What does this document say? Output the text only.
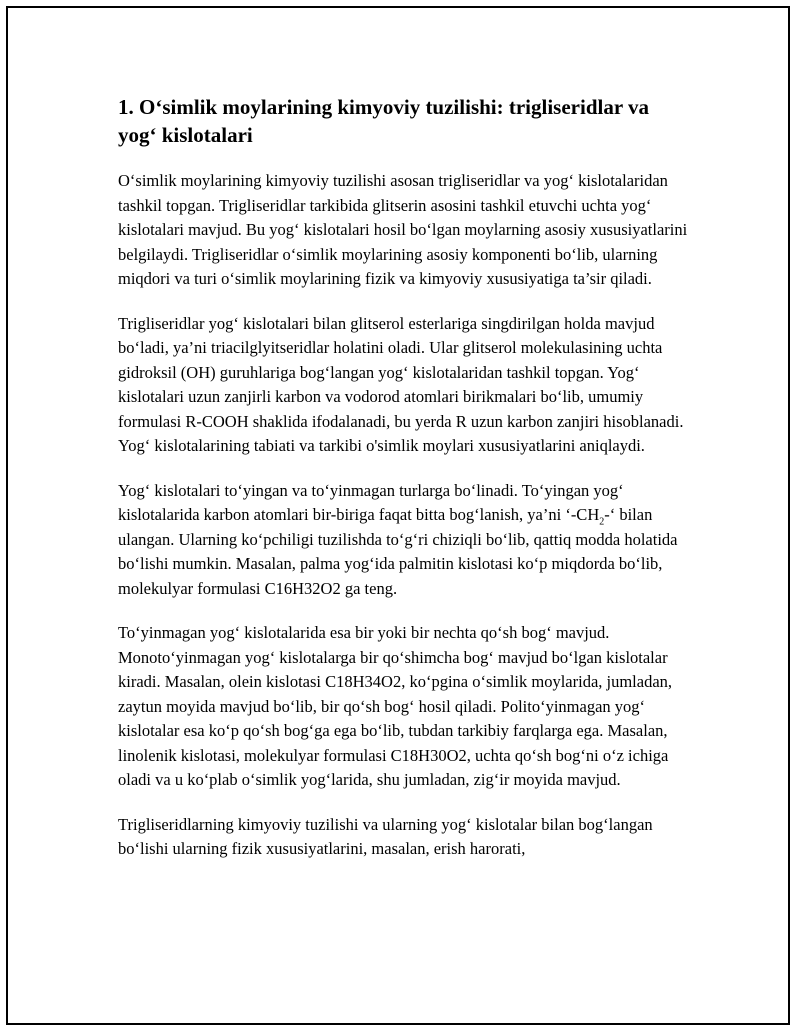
1. O‘simlik moylarining kimyoviy tuzilishi: trigliseridlar va yog‘ kislotalari

O‘simlik moylarining kimyoviy tuzilishi asosan trigliseridlar va yog‘ kislotalaridan tashkil topgan. Trigliseridlar tarkibida glitserin asosini tashkil etuvchi uchta yog‘ kislotalari mavjud. Bu yog‘ kislotalari hosil bo‘lgan moylarning asosiy xususiyatlarini belgilaydi. Trigliseridlar o‘simlik moylarining asosiy komponenti bo‘lib, ularning miqdori va turi o‘simlik moylarining fizik va kimyoviy xususiyatiga ta’sir qiladi.

Trigliseridlar yog‘ kislotalari bilan glitserol esterlariga singdirilgan holda mavjud bo‘ladi, ya’ni triacilglyitseridlar holatini oladi. Ular glitserol molekulasining uchta gidroksil (OH) guruhlariga bog‘langan yog‘ kislotalaridan tashkil topgan. Yog‘ kislotalari uzun zanjirli karbon va vodorod atomlari birikmalari bo‘lib, umumiy formulasi R-COOH shaklida ifodalanadi, bu yerda R uzun karbon zanjiri hisoblanadi. Yog‘ kislotalarining tabiati va tarkibi o'simlik moylari xususiyatlarini aniqlaydi.

Yog‘ kislotalari to‘yingan va to‘yinmagan turlarga bo‘linadi. To‘yingan yog‘ kislotalarida karbon atomlari bir-biriga faqat bitta bog‘lanish, ya’ni ‘$-CH_2-‘$ bilan ulangan. Ularning ko‘pchiligi tuzilishda to‘g‘ri chiziqli bo‘lib, qattiq modda holatida bo‘lishi mumkin. Masalan, palma yog‘ida palmitin kislotasi ko‘p miqdorda bo‘lib, molekulyar formulasi C16H32O2 ga teng.

To‘yinmagan yog‘ kislotalarida esa bir yoki bir nechta qo‘sh bog‘ mavjud. Monoto‘yinmagan yog‘ kislotalarga bir qo‘shimcha bog‘ mavjud bo‘lgan kislotalar kiradi. Masalan, olein kislotasi C18H34O2, ko‘pgina o‘simlik moylarida, jumladan, zaytun moyida mavjud bo‘lib, bir qo‘sh bog‘ hosil qiladi. Polito‘yinmagan yog‘ kislotalar esa ko‘p qo‘sh bog‘ga ega bo‘lib, tubdan tarkibiy farqlarga ega. Masalan, linolenik kislotasi, molekulyar formulasi C18H30O2, uchta qo‘sh bog‘ni o‘z ichiga oladi va u ko‘plab o‘simlik yog‘larida, shu jumladan, zig‘ir moyida mavjud.

Trigliseridlarning kimyoviy tuzilishi va ularning yog‘ kislotalar bilan bog‘langan bo‘lishi ularning fizik xususiyatlarini, masalan, erish harorati,
